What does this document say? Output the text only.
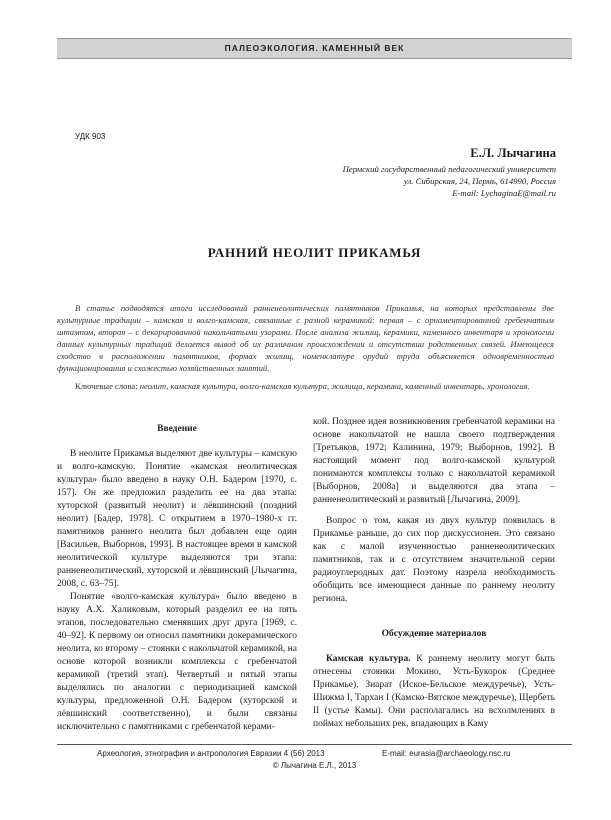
ПАЛЕОЭКОЛОГИЯ. КАМЕННЫЙ ВЕК
УДК 903
Е.Л. Лычагина
Пермский государственный педагогический университет
ул. Сибирская, 24, Пермь, 614990, Россия
E-mail: LychaginaE@mail.ru
РАННИЙ НЕОЛИТ ПРИКАМЬЯ
В статье подводятся итоги исследований ранненеолитических памятников Прикамья, на которых представлены две культурные традиции – камская и волго-камская, связанные с разной керамикой: первая – с орнаментированной гребенчатым штампом, вторая – с декорированной накольчатыми узорами. После анализа жилищ, керамики, каменного инвентаря и хронологии данных культурных традиций делается вывод об их различном происхождении и отсутствии родственных связей. Имеющееся сходство в расположении памятников, формах жилищ, номенклатуре орудий труда объясняется одновременностью функционирования и схожестью хозяйственных занятий.
Ключевые слова: неолит, камская культура, волго-камская культура, жилища, керамика, каменный инвентарь, хронология.
Введение

В неолите Прикамья выделяют две культуры – камскую и волго-камскую. Понятие «камская неолитическая культура» было введено в науку О.Н. Бадером [1970, с. 157]. Он же предложил разделить ее на два этапа: хуторской (развитый неолит) и лёвшинский (поздний неолит) [Бадер, 1978]. С открытием в 1970–1980-х гг. памятников раннего неолита был добавлен еще один [Васильев, Выборнов, 1993]. В настоящее время в камской неолитической культуре выделяются три этапа: ранненеолитический, хуторской и лёвшинский [Лычагина, 2008, с. 63–75].

Понятие «волго-камская культура» было введено в науку А.Х. Халиковым, который разделил ее на пять этапов, последовательно сменявших друг друга [1969, с. 40–92]. К первому он относил памятники докерамического неолита, ко второму – стоянки с накольчатой керамикой, на основе которой возникли комплексы с гребенчатой керамикой (третий этап). Четвертый и пятый этапы выделялись по аналогии с периодизацией камской культуры, предложенной О.Н. Бадером (хуторской и лёвшинский соответственно), и были связаны исключительно с памятниками с гребенчатой керами-

кой. Позднее идея возникновения гребенчатой керамики на основе накольчатой не нашла своего подтверждения [Третьяков, 1972; Калинина, 1979; Выборнов, 1992]. В настоящий момент под волго-камской культурой понимаются комплексы только с накольчатой керамикой [Выборнов, 2008а] и выделяются два этапа – ранненеолитический и развитый [Лычагина, 2009].

Вопрос о том, какая из двух культур появилась в Прикамье раньше, до сих пор дискуссионен. Это связано как с малой изученностью ранненеолитических памятников, так и с отсутствием значительной серии радиоуглеродных дат. Поэтому назрела необходимость обобщить все имеющиеся данные по раннему неолиту региона.

Обсуждение материалов

Камская культура. К раннему неолиту могут быть отнесены стоянки Мокино, Усть-Букорок (Среднее Прикамье), Зиарат (Иское-Бельское междуречье), Усть-Шижма I, Тархан I (Камско-Вятское междуречье), Щербеть II (устье Камы). Они располагались на всхолмлениях в поймах небольших рек, впадающих в Каму

Археология, этнография и антропология Евразии 4 (56) 2013	E-mail: eurasia@archaeology.nsc.ru
© Лычагина Е.Л., 2013
